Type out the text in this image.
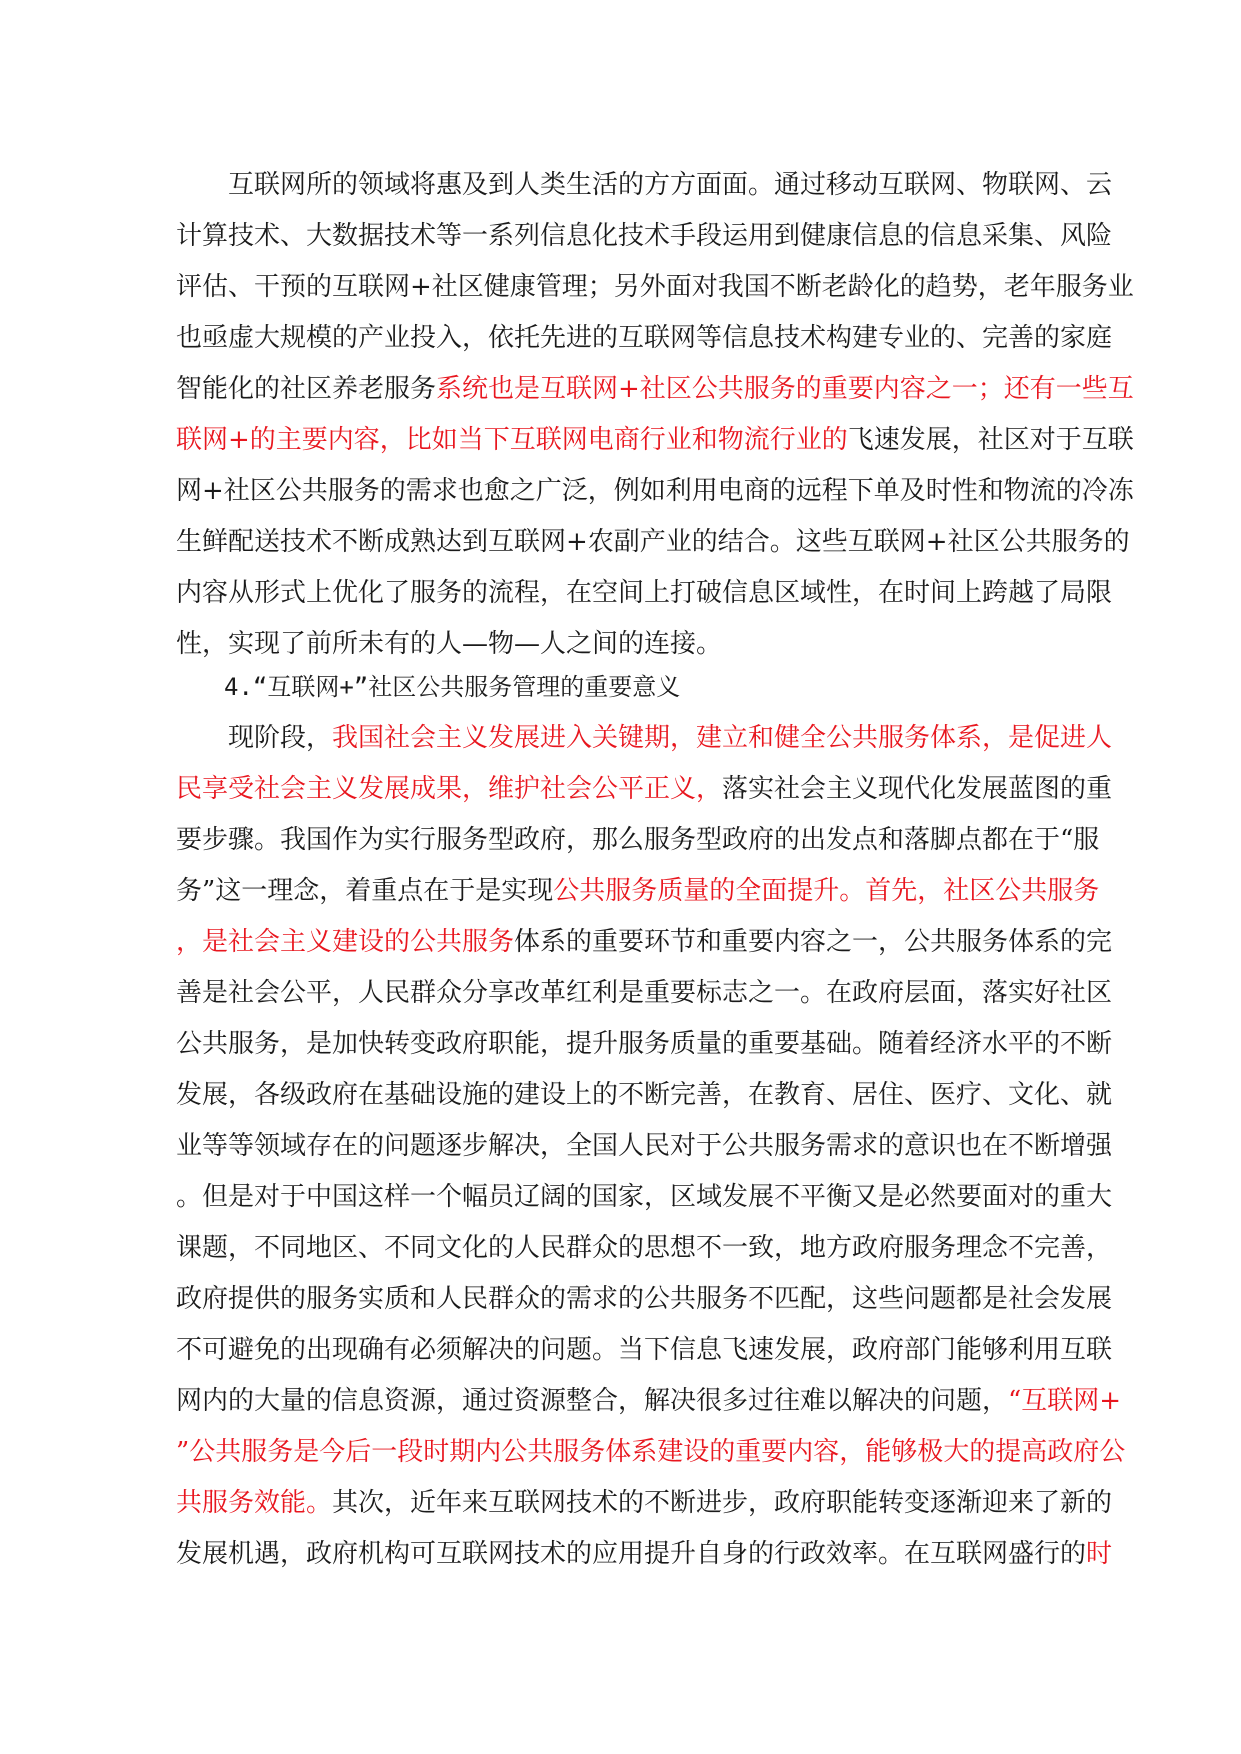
　　互联网所的领域将惠及到人类生活的方方面面。通过移动互联网、物联网、云
计算技术、大数据技术等一系列信息化技术手段运用到健康信息的信息采集、风险
评估、干预的互联网+社区健康管理；另外面对我国不断老龄化的趋势，老年服务业
也亟虚大规模的产业投入，依托先进的互联网等信息技术构建专业的、完善的家庭
智能化的社区养老服务系统也是互联网+社区公共服务的重要内容之一；还有一些互
联网+的主要内容，比如当下互联网电商行业和物流行业的飞速发展，社区对于互联
网+社区公共服务的需求也愈之广泛，例如利用电商的远程下单及时性和物流的冷冻
生鲜配送技术不断成熟达到互联网+农副产业的结合。这些互联网+社区公共服务的
内容从形式上优化了服务的流程，在空间上打破信息区域性，在时间上跨越了局限
性，实现了前所未有的人—物—人之间的连接。
　　4.“互联网+”社区公共服务管理的重要意义
　　现阶段，我国社会主义发展进入关键期，建立和健全公共服务体系，是促进人
民享受社会主义发展成果，维护社会公平正义，落实社会主义现代化发展蓝图的重
要步骤。我国作为实行服务型政府，那么服务型政府的出发点和落脚点都在于“服
务”这一理念，着重点在于是实现公共服务质量的全面提升。首先，社区公共服务
，是社会主义建设的公共服务体系的重要环节和重要内容之一，公共服务体系的完
善是社会公平，人民群众分享改革红利是重要标志之一。在政府层面，落实好社区
公共服务，是加快转变政府职能，提升服务质量的重要基础。随着经济水平的不断
发展，各级政府在基础设施的建设上的不断完善，在教育、居住、医疗、文化、就
业等等领域存在的问题逐步解决，全国人民对于公共服务需求的意识也在不断增强
。但是对于中国这样一个幅员辽阔的国家，区域发展不平衡又是必然要面对的重大
课题，不同地区、不同文化的人民群众的思想不一致，地方政府服务理念不完善，
政府提供的服务实质和人民群众的需求的公共服务不匹配，这些问题都是社会发展
不可避免的出现确有必须解决的问题。当下信息飞速发展，政府部门能够利用互联
网内的大量的信息资源，通过资源整合，解决很多过往难以解决的问题，“互联网+
”公共服务是今后一段时期内公共服务体系建设的重要内容，能够极大的提高政府公
共服务效能。其次，近年来互联网技术的不断进步，政府职能转变逐渐迎来了新的
发展机遇，政府机构可互联网技术的应用提升自身的行政效率。在互联网盛行的时
